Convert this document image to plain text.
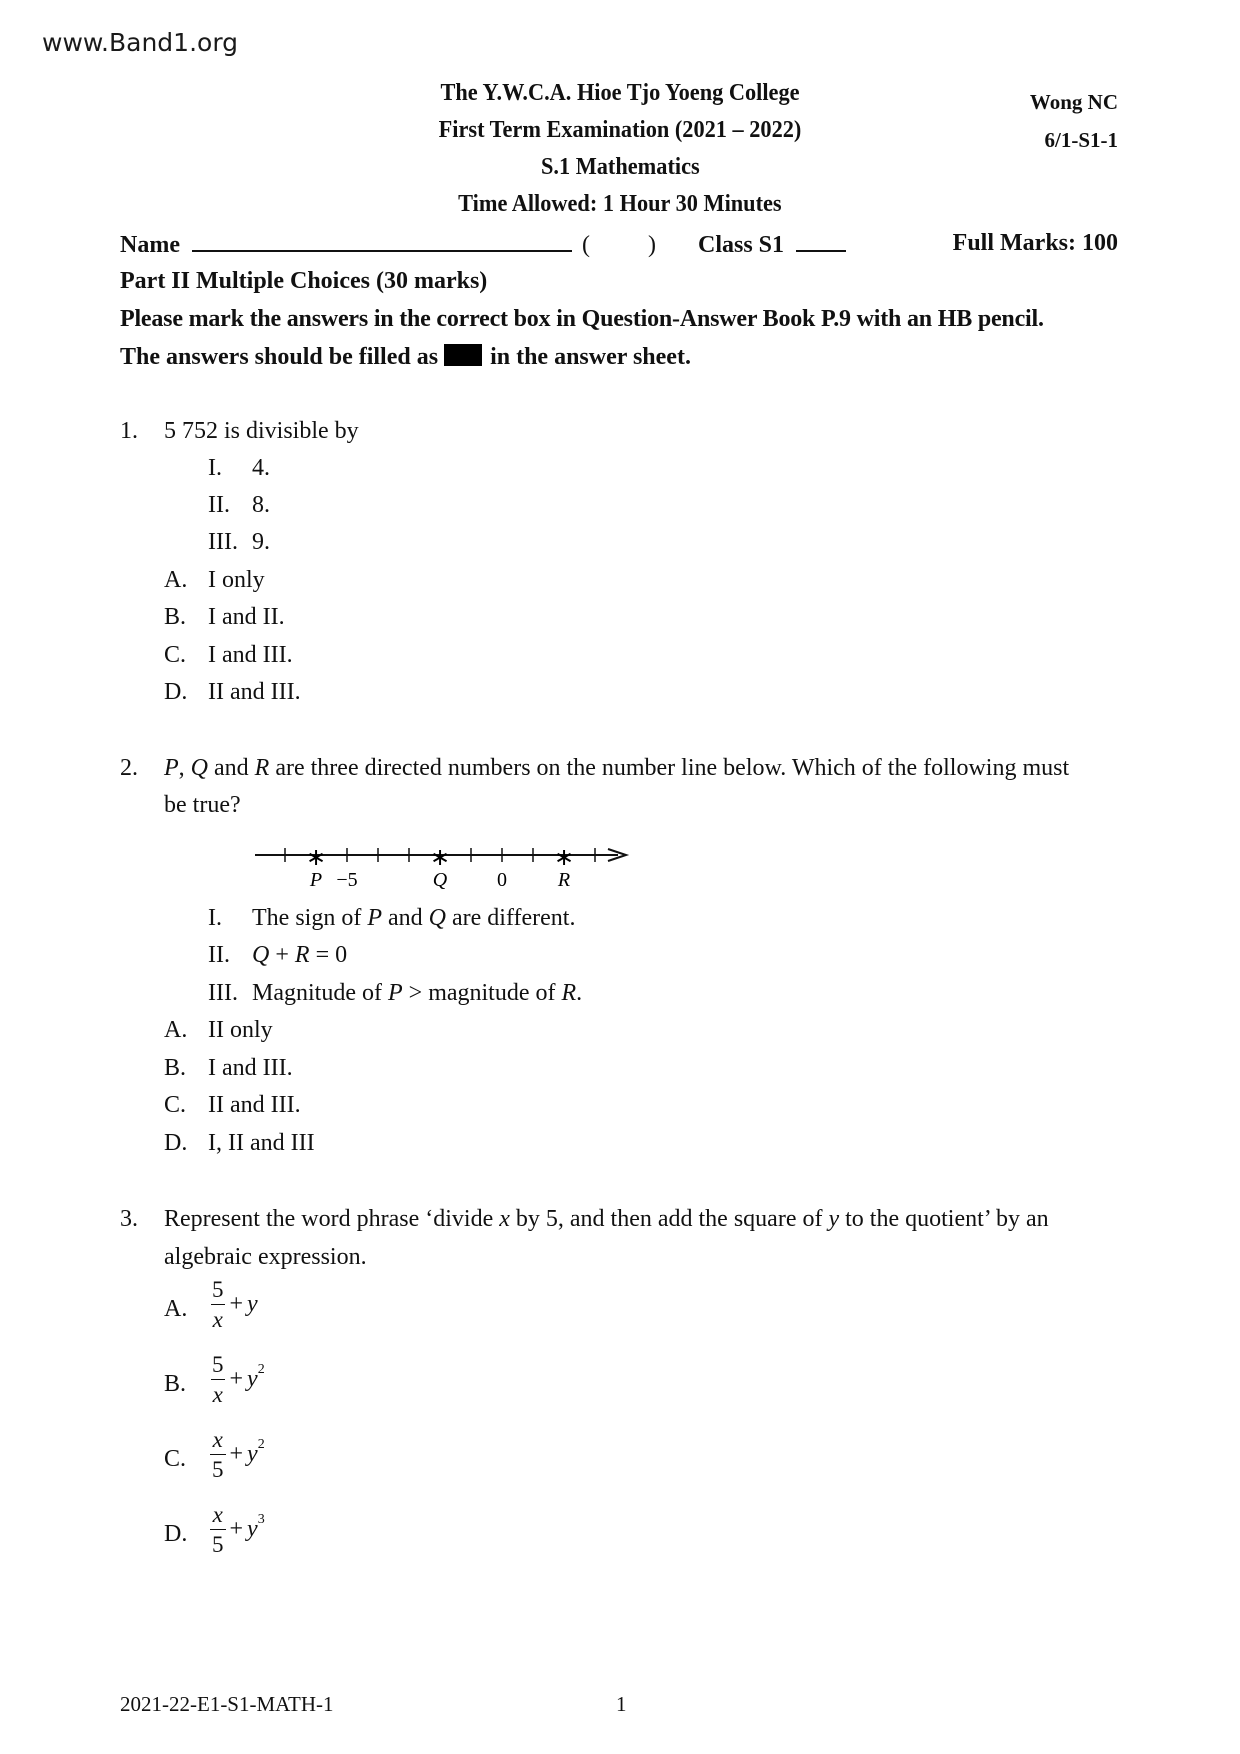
www.Band1.org
The Y.W.C.A. Hioe Tjo Yoeng College
First Term Examination (2021 – 2022)
S.1 Mathematics
Time Allowed: 1 Hour 30 Minutes
Wong NC
6/1-S1-1
Name	( ) Class S1	Full Marks: 100
Part II Multiple Choices (30 marks)
Please mark the answers in the correct box in Question-Answer Book P.9 with an HB pencil.
The answers should be filled as in the answer sheet.
1. 5 752 is divisible by
I. 4.
II. 8.
III. 9.
A. I only
B. I and II.
C. I and III.
D. II and III.
2. P, Q and R are three directed numbers on the number line below. Which of the following must
be true?
∗	∗	∗
P −5	Q 0	R
I. The sign of P and Q are different.
II. Q + R = 0
III. Magnitude of P > magnitude of R.
A. II only
B. I and III.
C. II and III.
D. I, II and III
3. Represent the word phrase ‘divide x by 5, and then add the square of y to the quotient’ by an
algebraic expression.
A. $\frac{5}{x} + y$
B. $\frac{5}{x} + y^2$
C. $\frac{x}{5} + y^2$
D. $\frac{x}{5} + y^3$
2021-22-E1-S1-MATH-1	1
